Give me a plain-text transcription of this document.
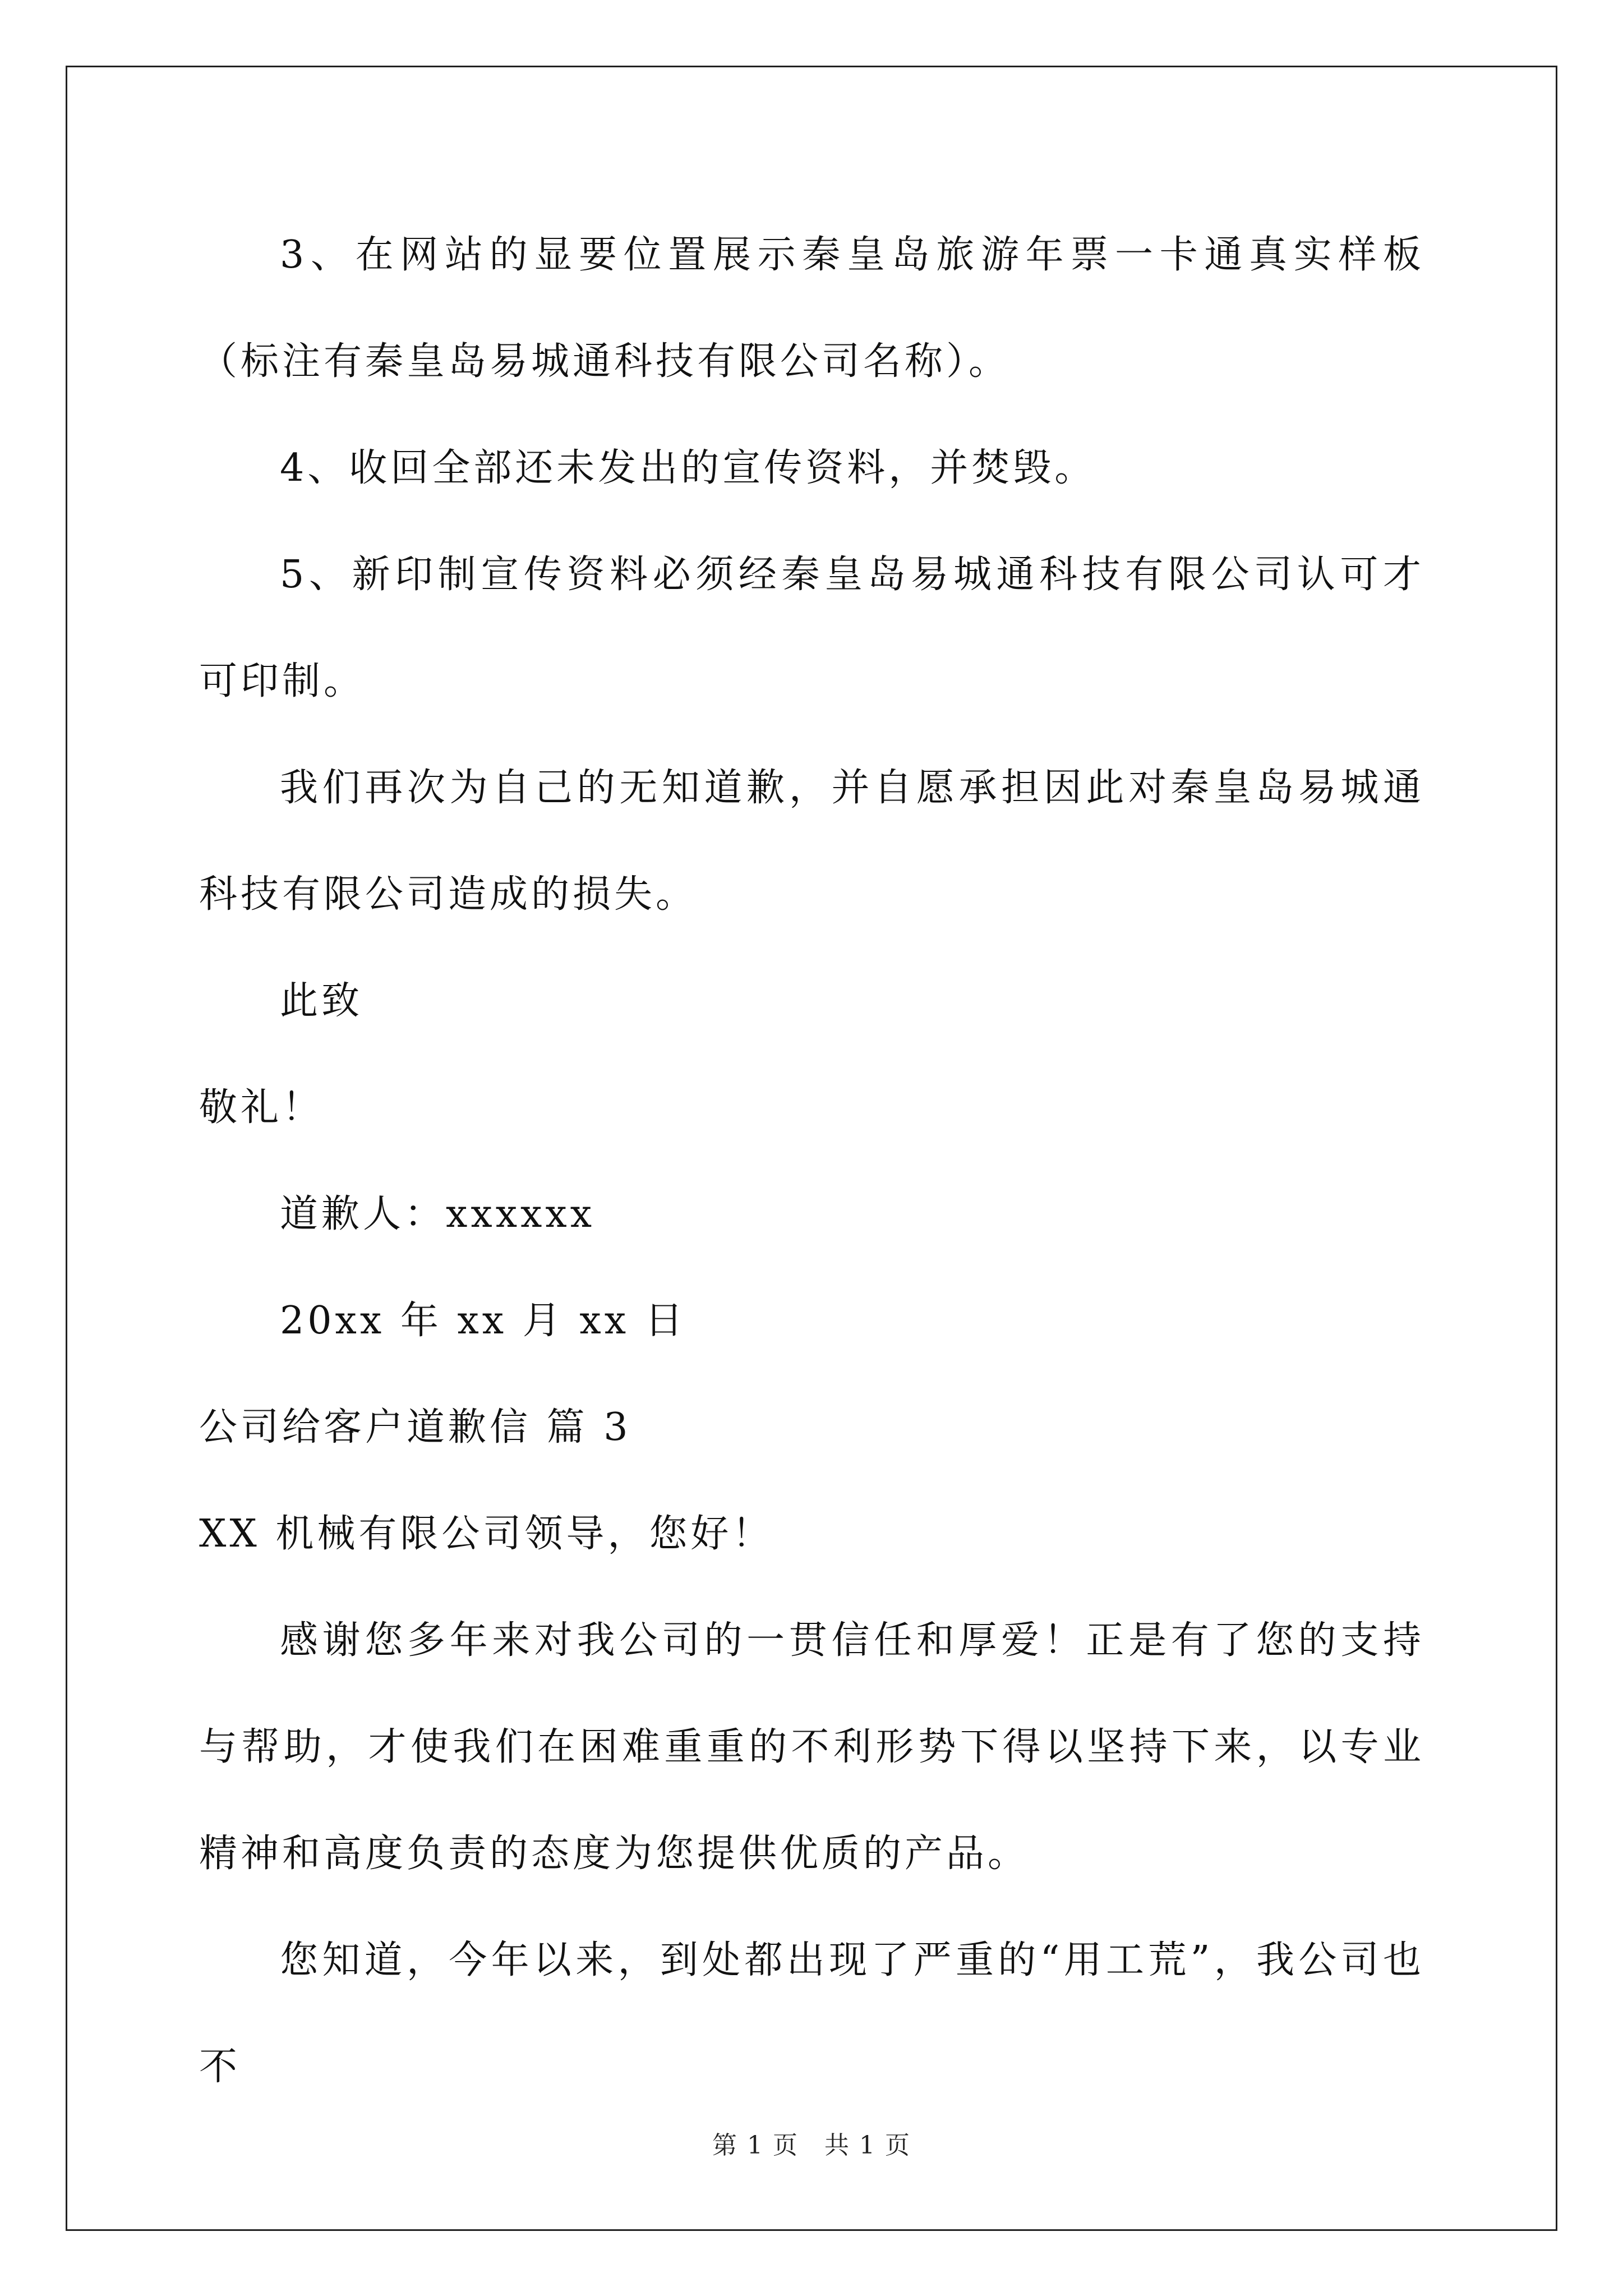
3、在网站的显要位置展示秦皇岛旅游年票一卡通真实样板（标注有秦皇岛易城通科技有限公司名称）。

4、收回全部还未发出的宣传资料，并焚毁。

5、新印制宣传资料必须经秦皇岛易城通科技有限公司认可才可印制。

我们再次为自己的无知道歉，并自愿承担因此对秦皇岛易城通科技有限公司造成的损失。

此致

敬礼！

道歉人：xxxxxx

20xx 年 xx 月 xx 日

公司给客户道歉信 篇 3

XX 机械有限公司领导，您好！

感谢您多年来对我公司的一贯信任和厚爱！正是有了您的支持与帮助，才使我们在困难重重的不利形势下得以坚持下来，以专业精神和高度负责的态度为您提供优质的产品。

您知道，今年以来，到处都出现了严重的“用工荒”，我公司也不

第 1 页　共 1 页
